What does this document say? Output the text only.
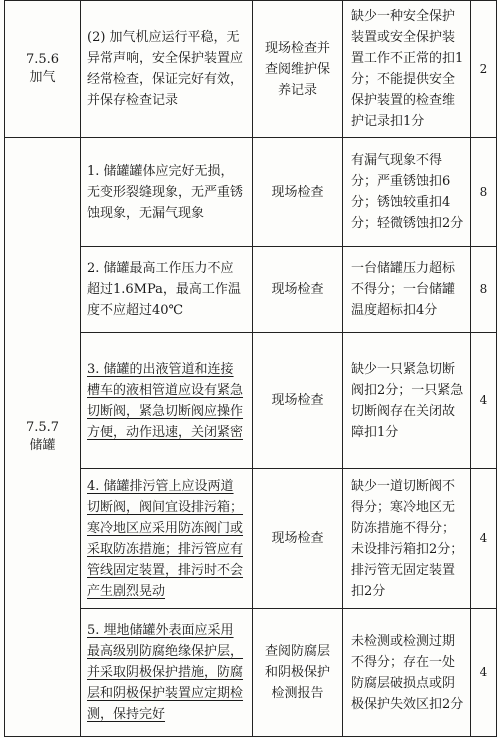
7.5.6
加气	(2) 加气机应运行平稳，无异常声响，安全保护装置应经常检查，保证完好有效，并保存检查记录	现场检查并查阅维护保养记录	缺少一种安全保护装置或安全保护装置工作不正常的扣1分；不能提供安全保护装置的检查维护记录扣1分	2

7.5.7
储罐	1. 储罐罐体应完好无损，无变形裂缝现象，无严重锈蚀现象，无漏气现象	现场检查	有漏气现象不得分；严重锈蚀扣6分；锈蚀较重扣4分；轻微锈蚀扣2分	8
	2. 储罐最高工作压力不应超过1.6MPa，最高工作温度不应超过40℃	现场检查	一台储罐压力超标不得分；一台储罐温度超标扣4分	8
	3. 储罐的出液管道和连接槽车的液相管道应设有紧急切断阀，紧急切断阀应操作方便，动作迅速，关闭紧密	现场检查	缺少一只紧急切断阀扣2分；一只紧急切断阀存在关闭故障扣1分	4
	4. 储罐排污管上应设两道切断阀，阀间宜设排污箱；寒冷地区应采用防冻阀门或采取防冻措施；排污管应有管线固定装置，排污时不会产生剧烈晃动	现场检查	缺少一道切断阀不得分；寒冷地区无防冻措施不得分；未设排污箱扣2分；排污管无固定装置扣2分	4
	5. 埋地储罐外表面应采用最高级别防腐绝缘保护层，并采取阴极保护措施，防腐层和阴极保护装置应定期检测，保持完好	查阅防腐层和阴极保护检测报告	未检测或检测过期不得分；存在一处防腐层破损点或阴极保护失效区扣2分	4
